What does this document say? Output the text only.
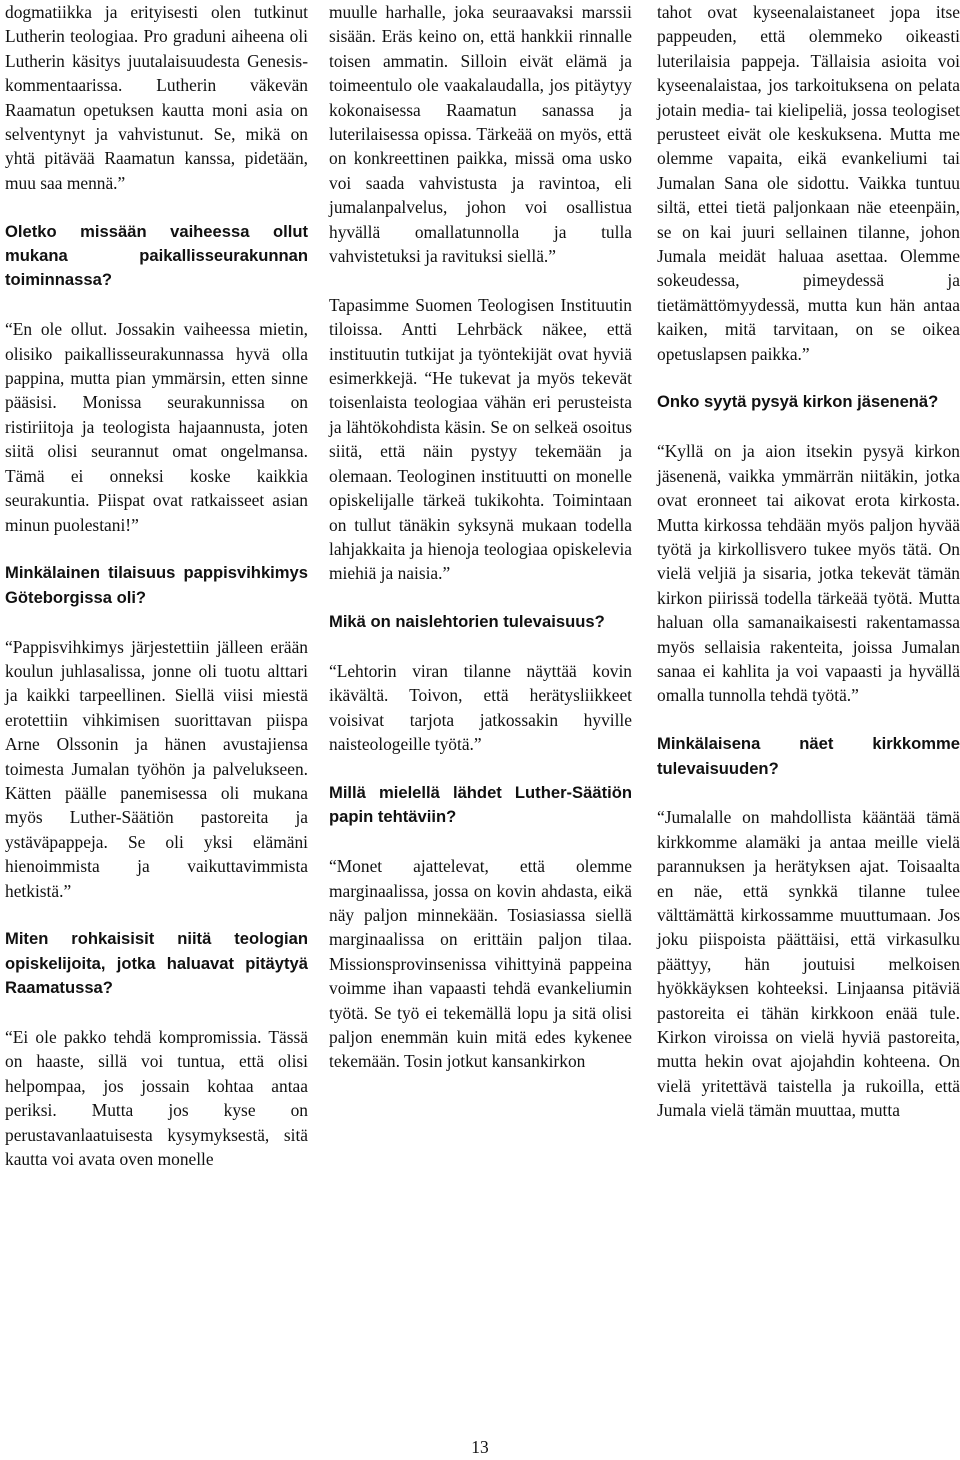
dogmatiikka ja erityisesti olen tutkinut Lutherin teologiaa. Pro graduni aiheena oli Lutherin käsitys juutalaisuudesta Genesis-kommentaarissa. Lutherin väkevän Raamatun opetuksen kautta moni asia on selventynyt ja vahvistunut. Se, mikä on yhtä pitävää Raamatun kanssa, pidetään, muu saa mennä.”

Oletko missään vaiheessa ollut mukana paikallisseurakunnan toiminnassa?

“En ole ollut. Jossakin vaiheessa mietin, olisiko paikallisseurakunnassa hyvä olla pappina, mutta pian ymmärsin, etten sinne pääsisi. Monissa seurakunnissa on ristiriitoja ja teologista hajaannusta, joten siitä olisi seurannut omat ongelmansa. Tämä ei onneksi koske kaikkia seurakuntia. Piispat ovat ratkaisseet asian minun puolestani!”

Minkälainen tilaisuus pappisvihkimys Göteborgissa oli?

“Pappisvihkimys järjestettiin jälleen erään koulun juhlasalissa, jonne oli tuotu alttari ja kaikki tarpeellinen. Siellä viisi miestä erotettiin vihkimisen suorittavan piispa Arne Olssonin ja hänen avustajiensa toimesta Jumalan työhön ja palvelukseen. Kätten päälle panemisessa oli mukana myös Luther-Säätiön pastoreita ja ystäväpappeja. Se oli yksi elämäni hienoimmista ja vaikuttavimmista hetkistä.”

Miten rohkaisisit niitä teologian opiskelijoita, jotka haluavat pitäytyä Raamatussa?

“Ei ole pakko tehdä kompromissia. Tässä on haaste, sillä voi tuntua, että olisi helpompaa, jos jossain kohtaa antaa periksi. Mutta jos kyse on perustavanlaatuisesta kysymyksestä, sitä kautta voi avata oven monelle

muulle harhalle, joka seuraavaksi marssii sisään. Eräs keino on, että hankkii rinnalle toisen ammatin. Silloin eivät elämä ja toimeentulo ole vaakalaudalla, jos pitäytyy kokonaisessa Raamatun sanassa ja luterilaisessa opissa. Tärkeää on myös, että on konkreettinen paikka, missä oma usko voi saada vahvistusta ja ravintoa, eli jumalanpalvelus, johon voi osallistua hyvällä omallatunnolla ja tulla vahvistetuksi ja ravituksi siellä.”

Tapasimme Suomen Teologisen Instituutin tiloissa. Antti Lehrbäck näkee, että instituutin tutkijat ja työntekijät ovat hyviä esimerkkejä. “He tukevat ja myös tekevät toisenlaista teologiaa vähän eri perusteista ja lähtökohdista käsin. Se on selkeä osoitus siitä, että näin pystyy tekemään ja olemaan. Teologinen instituutti on monelle opiskelijalle tärkeä tukikohta. Toimintaan on tullut tänäkin syksynä mukaan todella lahjakkaita ja hienoja teologiaa opiskelevia miehiä ja naisia.”

Mikä on naislehtorien tulevaisuus?

“Lehtorin viran tilanne näyttää kovin ikävältä. Toivon, että herätysliikkeet voisivat tarjota jatkossakin hyville naisteologeille työtä.”

Millä mielellä lähdet Luther-Säätiön papin tehtäviin?

“Monet ajattelevat, että olemme marginaalissa, jossa on kovin ahdasta, eikä näy paljon minnekään. Tosiasiassa siellä marginaalissa on erittäin paljon tilaa. Missionsprovinsenissa vihittyinä pappeina voimme ihan vapaasti tehdä evankeliumin työtä. Se työ ei tekemällä lopu ja sitä olisi paljon enemmän kuin mitä edes kykenee tekemään. Tosin jotkut kansankirkon

tahot ovat kyseenalaistaneet jopa itse pappeuden, että olemmeko oikeasti luterilaisia pappeja. Tällaisia asioita voi kyseenalaistaa, jos tarkoituksena on pelata jotain media- tai kielipeliä, jossa teologiset perusteet eivät ole keskuksena. Mutta me olemme vapaita, eikä evankeliumi tai Jumalan Sana ole sidottu. Vaikka tuntuu siltä, ettei tietä paljonkaan näe eteenpäin, se on kai juuri sellainen tilanne, johon Jumala meidät haluaa asettaa. Olemme sokeudessa, pimeydessä ja tietämättömyydessä, mutta kun hän antaa kaiken, mitä tarvitaan, on se oikea opetuslapsen paikka.”

Onko syytä pysyä kirkon jäsenenä?

“Kyllä on ja aion itsekin pysyä kirkon jäsenenä, vaikka ymmärrän niitäkin, jotka ovat eronneet tai aikovat erota kirkosta. Mutta kirkossa tehdään myös paljon hyvää työtä ja kirkollisvero tukee myös tätä. On vielä veljiä ja sisaria, jotka tekevät tämän kirkon piirissä todella tärkeää työtä. Mutta haluan olla samanaikaisesti rakentamassa myös sellaisia rakenteita, joissa Jumalan sanaa ei kahlita ja voi vapaasti ja hyvällä omalla tunnolla tehdä työtä.”

Minkälaisena näet kirkkomme tulevaisuuden?

“Jumalalle on mahdollista kääntää tämä kirkkomme alamäki ja antaa meille vielä parannuksen ja herätyksen ajat. Toisaalta en näe, että synkkä tilanne tulee välttämättä kirkossamme muuttumaan. Jos joku piispoista päättäisi, että virkasulku päättyy, hän joutuisi melkoisen hyökkäyksen kohteeksi. Linjaansa pitäviä pastoreita ei tähän kirkkoon enää tule. Kirkon viroissa on vielä hyviä pastoreita, mutta hekin ovat ajojahdin kohteena. On vielä yritettävä taistella ja rukoilla, että Jumala vielä tämän muuttaa, mutta

13
